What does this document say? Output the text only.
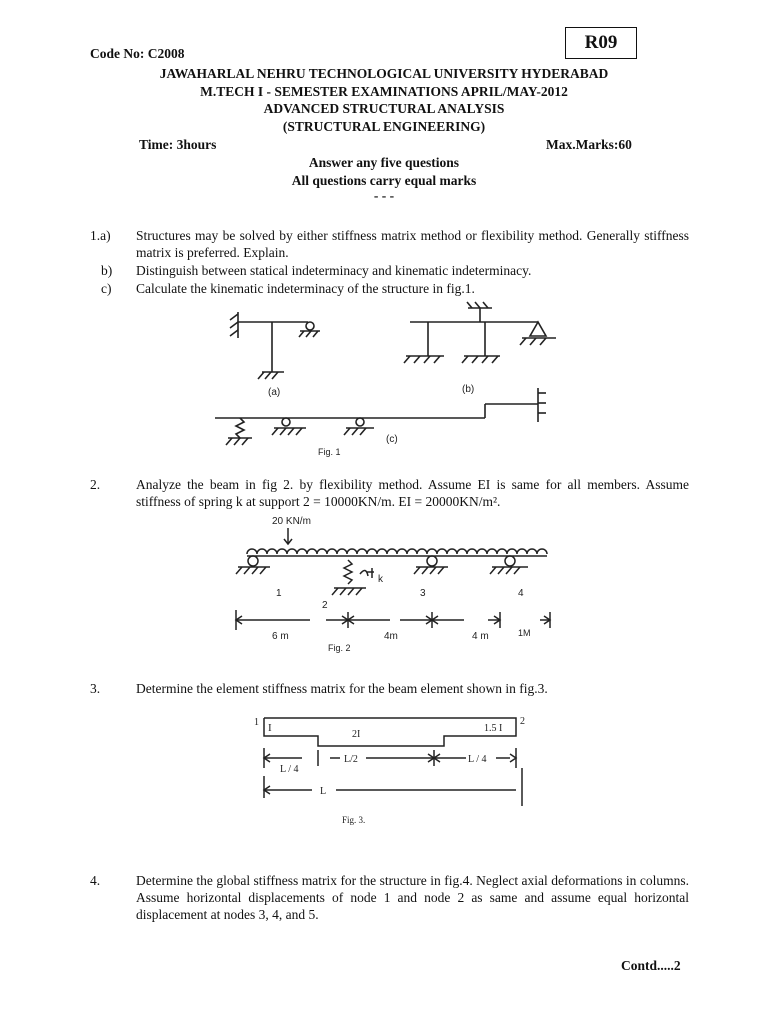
Code No: C2008
R09
JAWAHARLAL NEHRU TECHNOLOGICAL UNIVERSITY HYDERABAD
M.TECH I - SEMESTER EXAMINATIONS APRIL/MAY-2012
ADVANCED STRUCTURAL ANALYSIS
(STRUCTURAL ENGINEERING)
Time: 3hours	Max.Marks:60
Answer any five questions
All questions carry equal marks
- - -
1.a)	Structures may be solved by either stiffness matrix method or flexibility method. Generally stiffness matrix is preferred. Explain.
b)	Distinguish between statical indeterminacy and kinematic indeterminacy.
c)	Calculate the kinematic indeterminacy of the structure in fig.1.
(a)	(b)
(c)
Fig. 1
2.	Analyze the beam in fig 2. by flexibility method. Assume EI is same for all members. Assume stiffness of spring k at support 2 = 10000KN/m. EI = 20000KN/m².
20 KN/m
1
2
3	4
k
6 m	4m	4 m	1M
Fig. 2
3.	Determine the element stiffness matrix for the beam element shown in fig.3.
I
1
2I
1.5 I
2
L/2	L / 4
L / 4
L
Fig. 3.
4.	Determine the global stiffness matrix for the structure in fig.4. Neglect axial deformations in columns. Assume horizontal displacements of node 1 and node 2 as same and assume equal horizontal displacement at nodes 3, 4, and 5.
Contd.....2
